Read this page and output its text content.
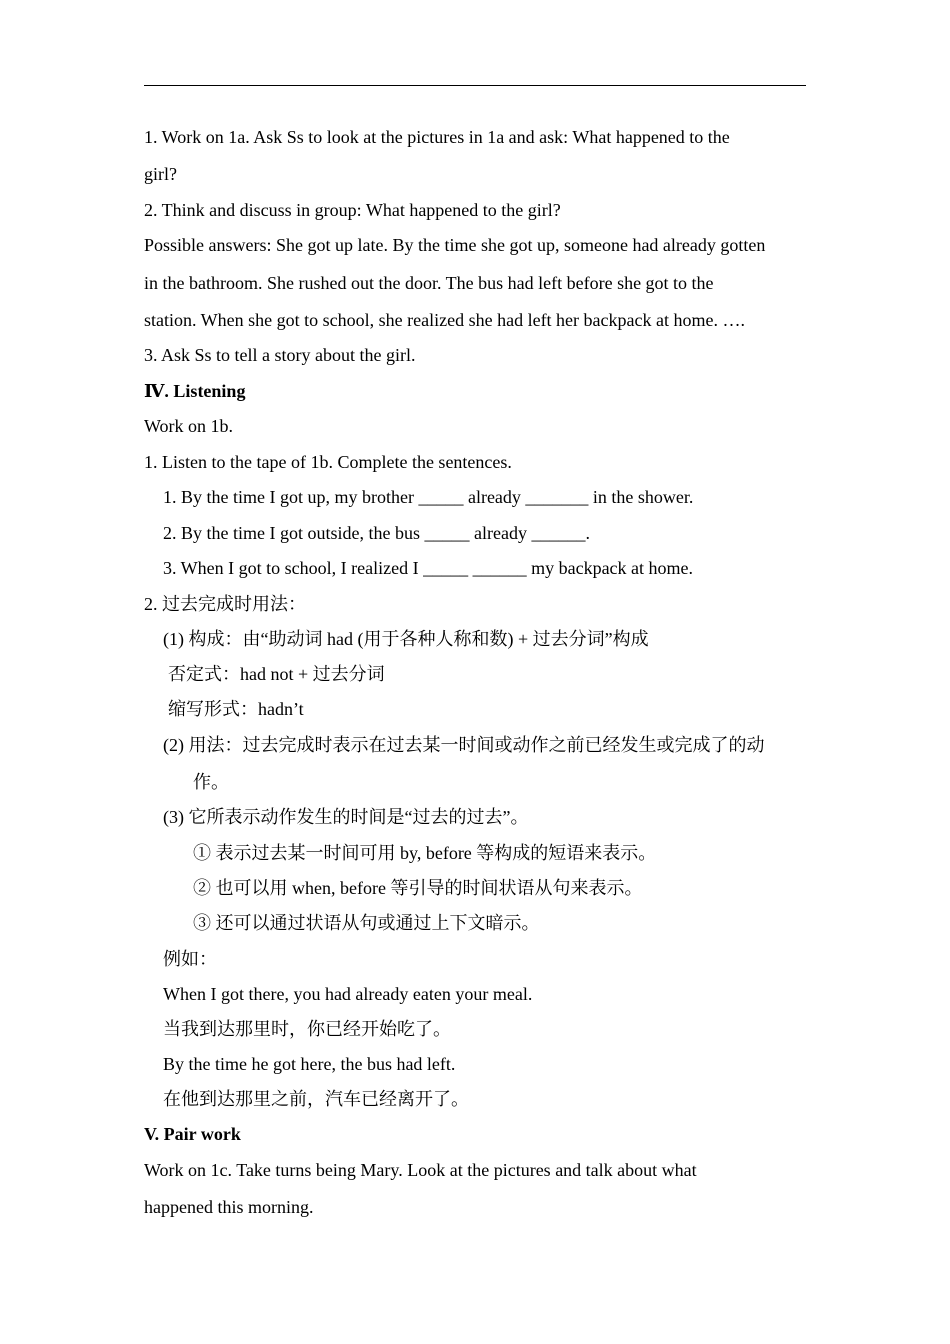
1. Work on 1a. Ask Ss to look at the pictures in 1a and ask: What happened to the

girl?

2. Think and discuss in group: What happened to the girl?

Possible answers: She got up late. By the time she got up, someone had already gotten

in the bathroom. She rushed out the door. The bus had left before she got to the

station. When she got to school, she realized she had left her backpack at home. ….

3. Ask Ss to tell a story about the girl.

Ⅳ. Listening

Work on 1b.

1. Listen to the tape of 1b. Complete the sentences.

1. By the time I got up, my brother _____ already _______ in the shower.

2. By the time I got outside, the bus _____ already ______.

3. When I got to school, I realized I _____ ______ my backpack at home.

2. 过去完成时用法：

(1) 构成：由“助动词 had (用于各种人称和数) + 过去分词”构成

否定式：had not + 过去分词

缩写形式：hadn’t

(2) 用法：过去完成时表示在过去某一时间或动作之前已经发生或完成了的动

作。

(3) 它所表示动作发生的时间是“过去的过去”。

① 表示过去某一时间可用 by, before 等构成的短语来表示。

② 也可以用 when, before 等引导的时间状语从句来表示。

③ 还可以通过状语从句或通过上下文暗示。

例如：

When I got there, you had already eaten your meal.

当我到达那里时，你已经开始吃了。

By the time he got here, the bus had left.

在他到达那里之前，汽车已经离开了。

V. Pair work

Work on 1c. Take turns being Mary. Look at the pictures and talk about what

happened this morning.
